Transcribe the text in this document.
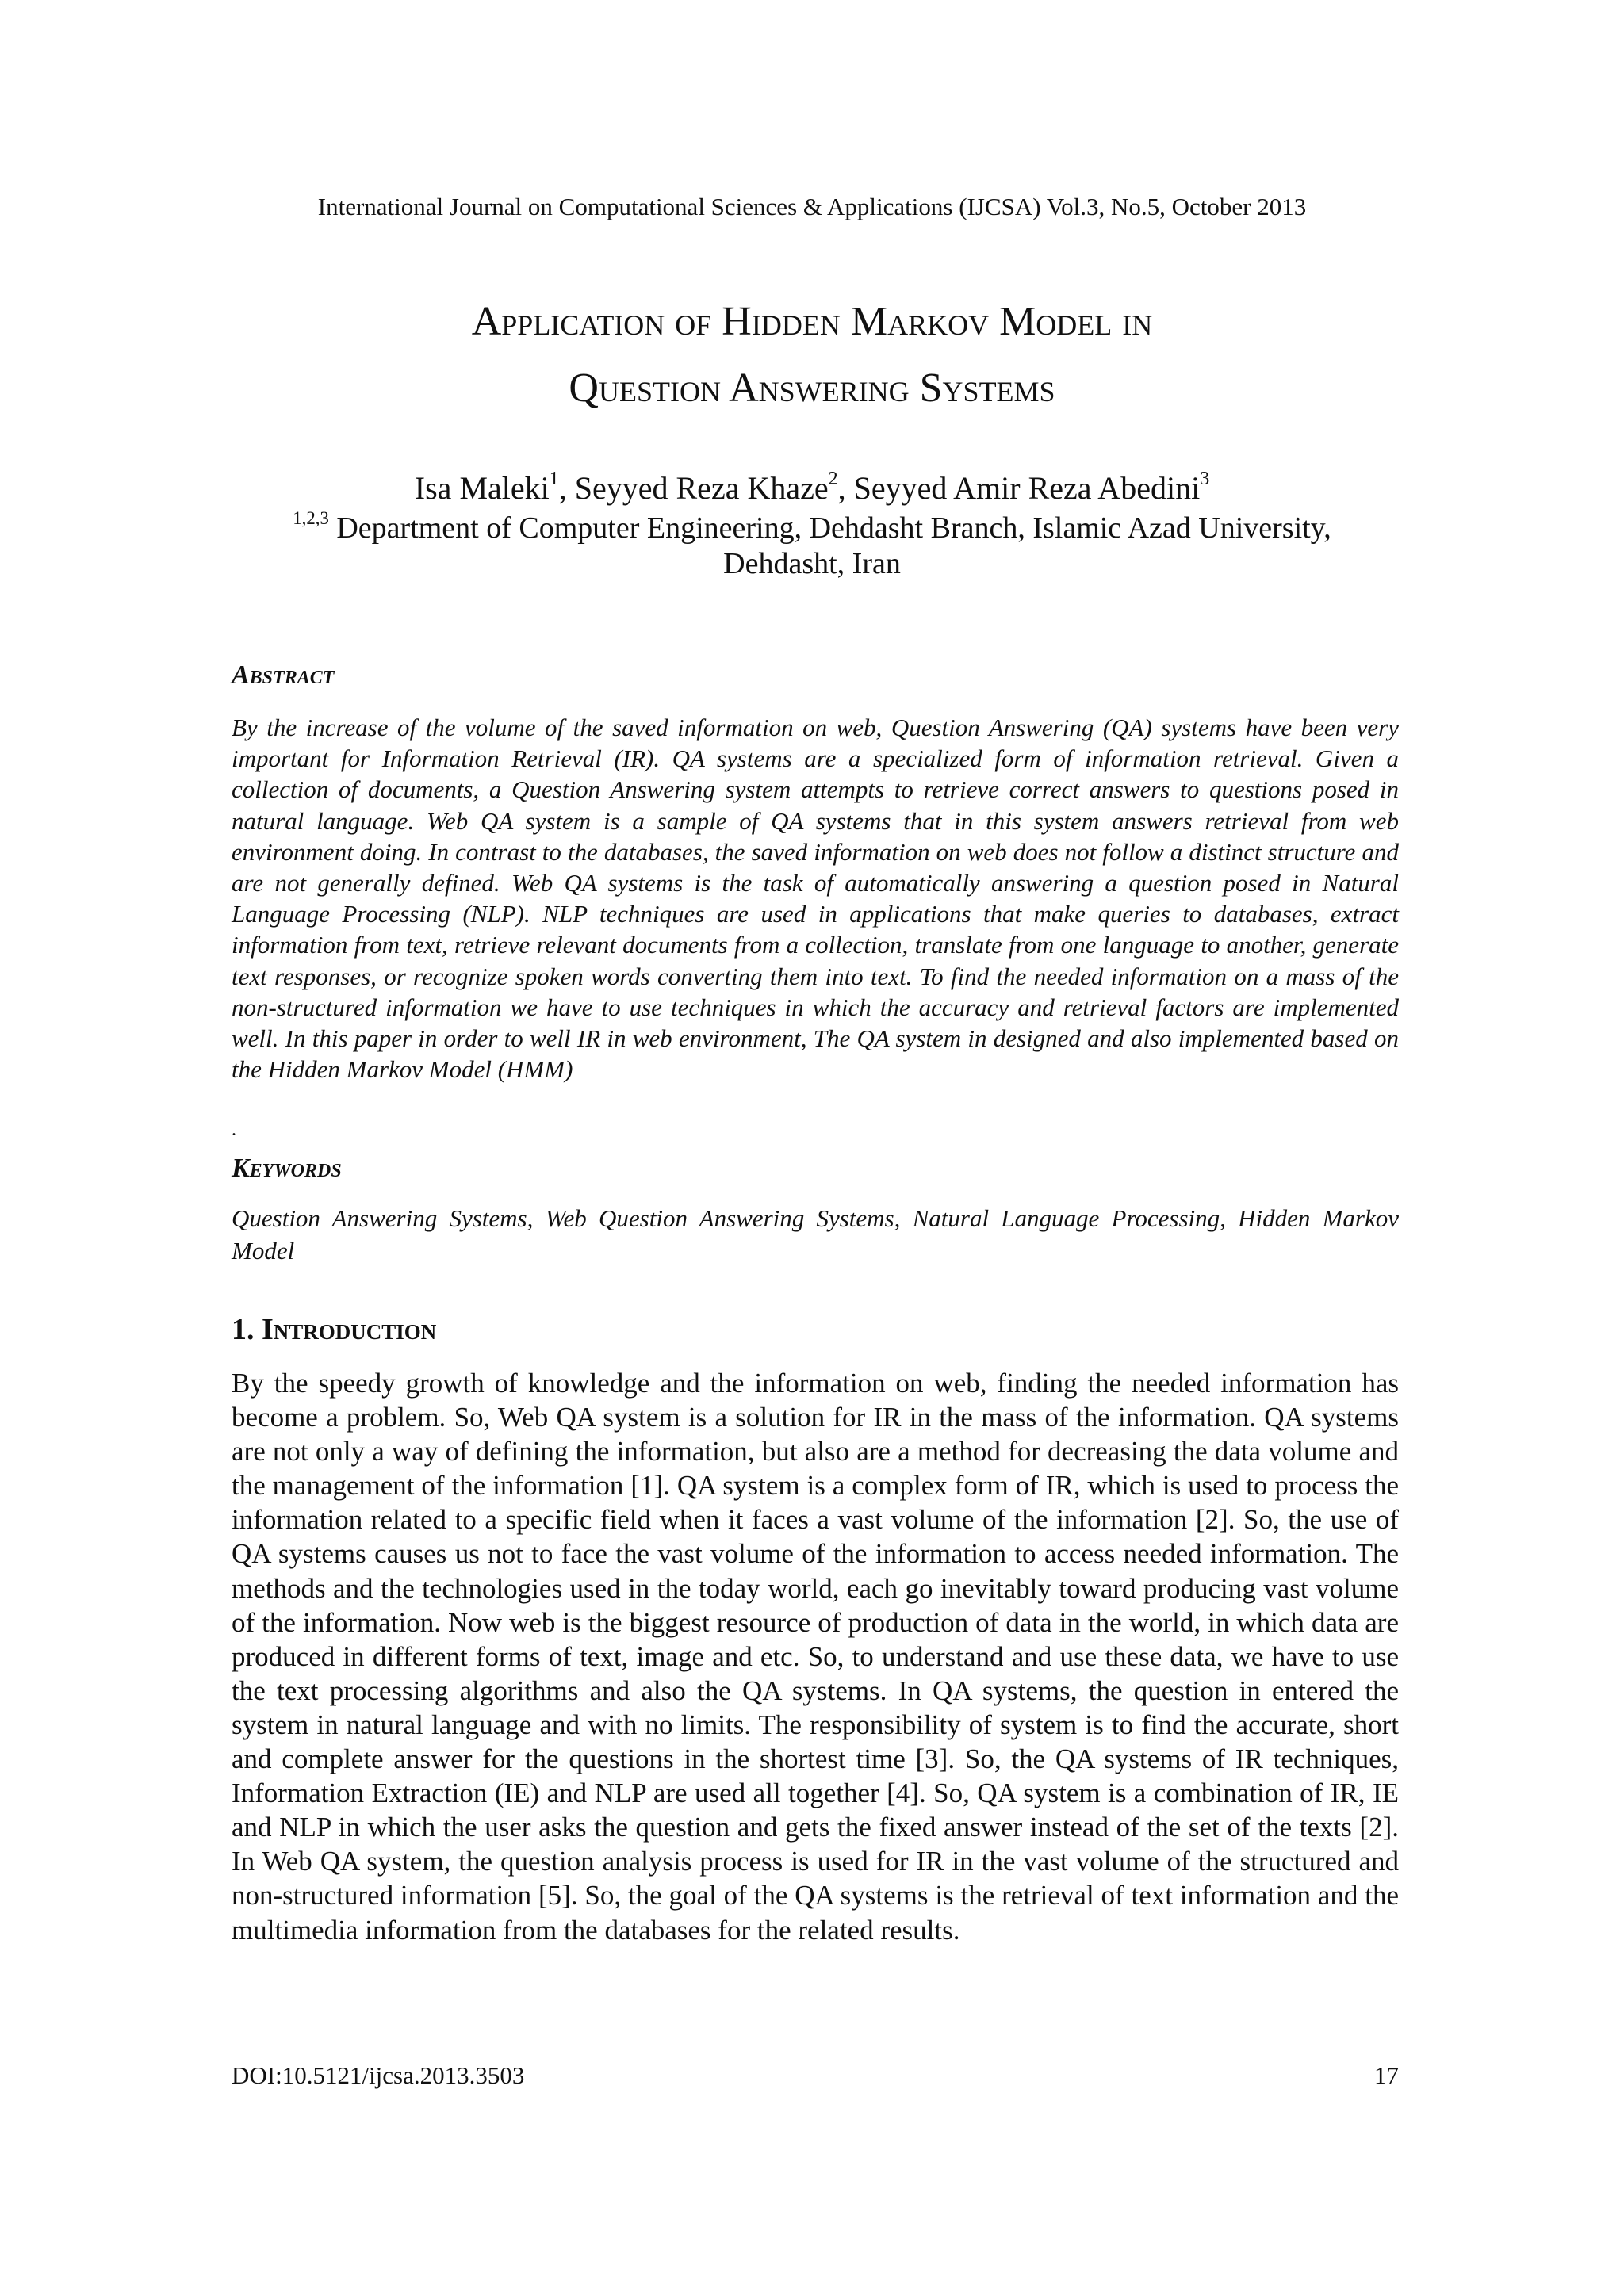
International Journal on Computational Sciences & Applications (IJCSA) Vol.3, No.5, October 2013
Application of Hidden Markov Model in
Question Answering Systems
Isa Maleki$^1$, Seyyed Reza Khaze$^2$, Seyyed Amir Reza Abedini$^3$
$^{1,2,3}$ Department of Computer Engineering, Dehdasht Branch, Islamic Azad University,
Dehdasht, Iran
Abstract

By the increase of the volume of the saved information on web, Question Answering (QA) systems have been very important for Information Retrieval (IR). QA systems are a specialized form of information retrieval. Given a collection of documents, a Question Answering system attempts to retrieve correct answers to questions posed in natural language. Web QA system is a sample of QA systems that in this system answers retrieval from web environment doing. In contrast to the databases, the saved information on web does not follow a distinct structure and are not generally defined. Web QA systems is the task of automatically answering a question posed in Natural Language Processing (NLP). NLP techniques are used in applications that make queries to databases, extract information from text, retrieve relevant documents from a collection, translate from one language to another, generate text responses, or recognize spoken words converting them into text. To find the needed information on a mass of the non-structured information we have to use techniques in which the accuracy and retrieval factors are implemented well. In this paper in order to well IR in web environment, The QA system in designed and also implemented based on the Hidden Markov Model (HMM)

.
Keywords

Question Answering Systems, Web Question Answering Systems, Natural Language Processing, Hidden Markov Model

1. Introduction

By the speedy growth of knowledge and the information on web, finding the needed information has become a problem. So, Web QA system is a solution for IR in the mass of the information. QA systems are not only a way of defining the information, but also are a method for decreasing the data volume and the management of the information [1]. QA system is a complex form of IR, which is used to process the information related to a specific field when it faces a vast volume of the information [2]. So, the use of QA systems causes us not to face the vast volume of the information to access needed information. The methods and the technologies used in the today world, each go inevitably toward producing vast volume of the information. Now web is the biggest resource of production of data in the world, in which data are produced in different forms of text, image and etc. So, to understand and use these data, we have to use the text processing algorithms and also the QA systems. In QA systems, the question in entered the system in natural language and with no limits. The responsibility of system is to find the accurate, short and complete answer for the questions in the shortest time [3]. So, the QA systems of IR techniques, Information Extraction (IE) and NLP are used all together [4]. So, QA system is a combination of IR, IE and NLP in which the user asks the question and gets the fixed answer instead of the set of the texts [2]. In Web QA system, the question analysis process is used for IR in the vast volume of the structured and non-structured information [5]. So, the goal of the QA systems is the retrieval of text information and the multimedia information from the databases for the related results.

DOI:10.5121/ijcsa.2013.3503	17
